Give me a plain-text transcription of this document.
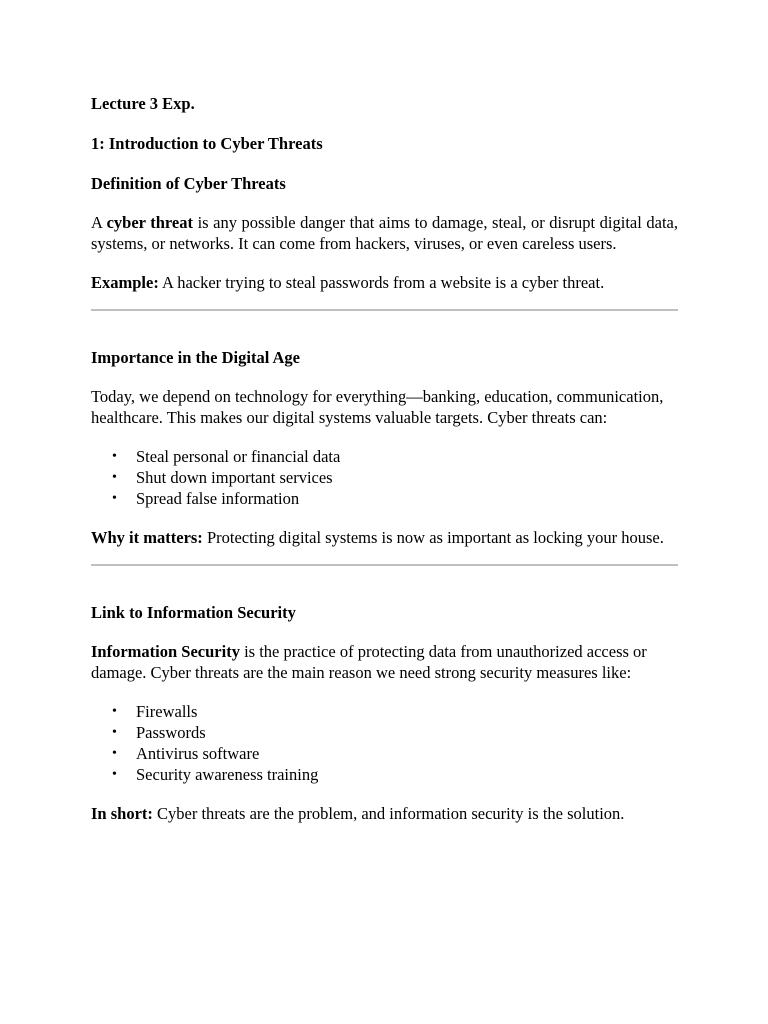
Lecture 3 Exp.

1: Introduction to Cyber Threats

Definition of Cyber Threats

A cyber threat is any possible danger that aims to damage, steal, or disrupt digital data, systems, or networks. It can come from hackers, viruses, or even careless users.

Example: A hacker trying to steal passwords from a website is a cyber threat.

Importance in the Digital Age

Today, we depend on technology for everything—banking, education, communication, healthcare. This makes our digital systems valuable targets. Cyber threats can:

• Steal personal or financial data
• Shut down important services
• Spread false information

Why it matters: Protecting digital systems is now as important as locking your house.

Link to Information Security

Information Security is the practice of protecting data from unauthorized access or damage. Cyber threats are the main reason we need strong security measures like:

• Firewalls
• Passwords
• Antivirus software
• Security awareness training

In short: Cyber threats are the problem, and information security is the solution.
